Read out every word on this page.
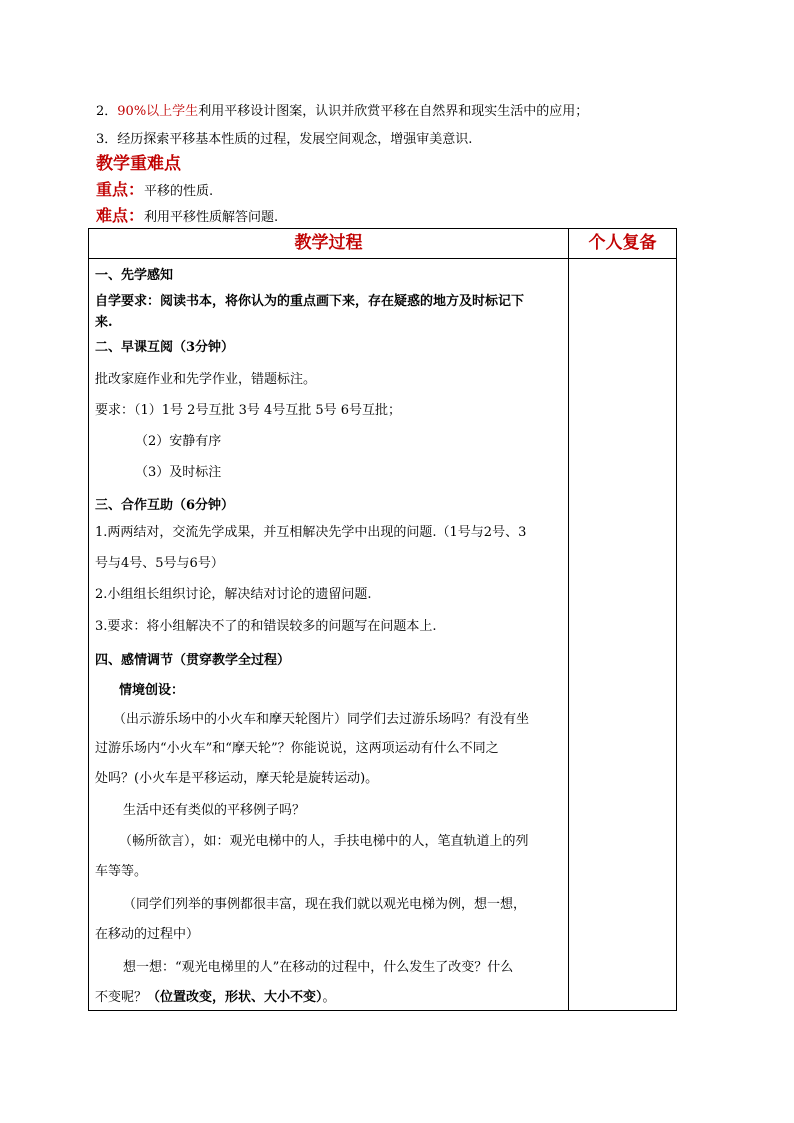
2．90%以上学生利用平移设计图案，认识并欣赏平移在自然界和现实生活中的应用；
3．经历探索平移基本性质的过程，发展空间观念，增强审美意识.
教学重难点
重点：平移的性质.
难点：利用平移性质解答问题.
教学过程	个人复备
一、先学感知
自学要求：阅读书本，将你认为的重点画下来，存在疑惑的地方及时标记下
来.
二、早课互阅（3分钟）
批改家庭作业和先学作业，错题标注。
要求：（1）1号 2号互批 3号 4号互批 5号 6号互批；
（2）安静有序
（3）及时标注
三、合作互助（6分钟）
1.两两结对，交流先学成果，并互相解决先学中出现的问题.（1号与2号、3
号与4号、5号与6号）
2.小组组长组织讨论，解决结对讨论的遗留问题.
3.要求：将小组解决不了的和错误较多的问题写在问题本上.
四、感情调节（贯穿教学全过程）
情境创设：
（出示游乐场中的小火车和摩天轮图片）同学们去过游乐场吗？有没有坐
过游乐场内“小火车”和“摩天轮”？你能说说，这两项运动有什么不同之
处吗？(小火车是平移运动，摩天轮是旋转运动)。
生活中还有类似的平移例子吗？
（畅所欲言），如：观光电梯中的人，手扶电梯中的人，笔直轨道上的列
车等等。
（同学们列举的事例都很丰富，现在我们就以观光电梯为例，想一想，
在移动的过程中）
想一想：“观光电梯里的人”在移动的过程中，什么发生了改变？什么
不变呢？（位置改变，形状、大小不变）。
